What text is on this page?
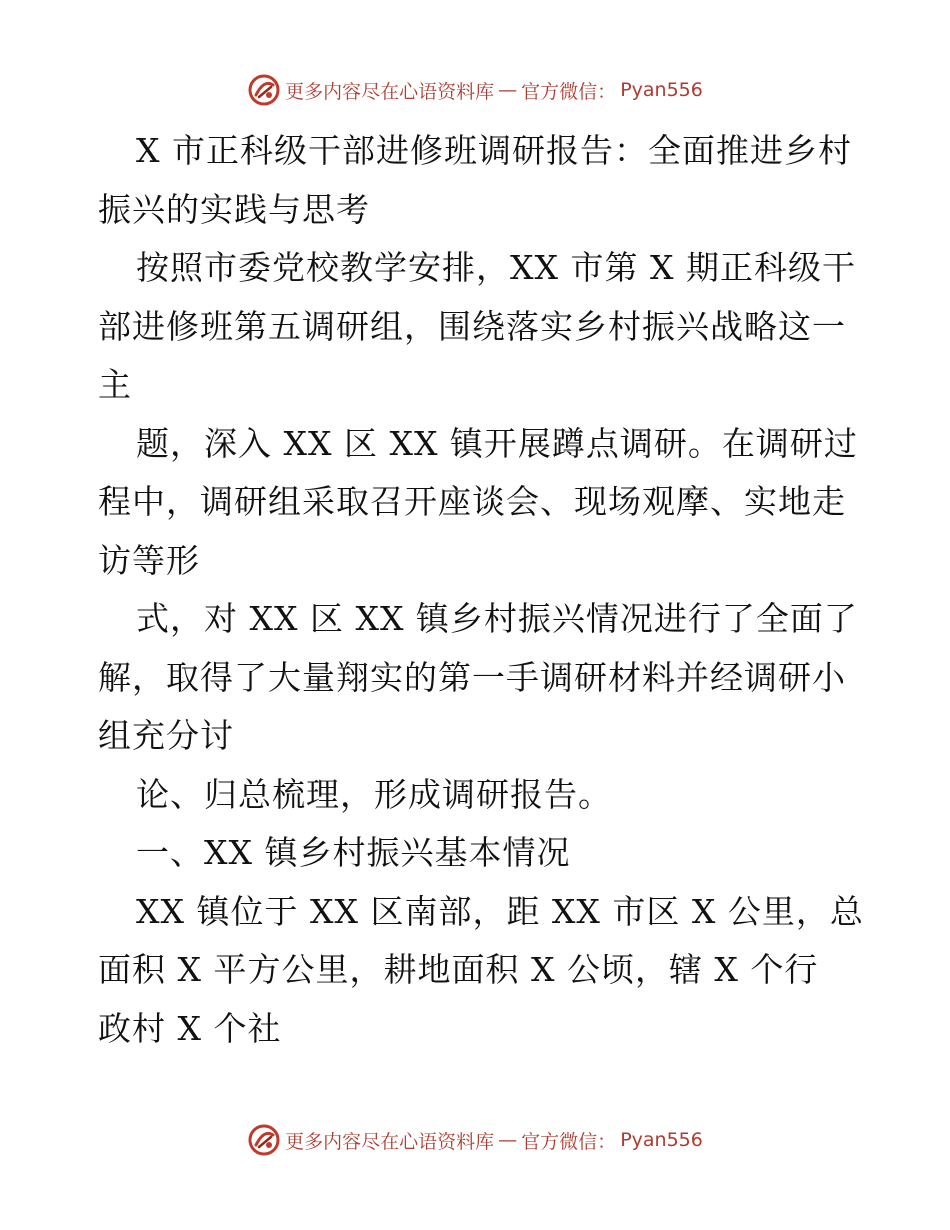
更多内容尽在心语资料库 — 官方微信： Pyan556
X 市正科级干部进修班调研报告：全面推进乡村
振兴的实践与思考
按照市委党校教学安排，XX 市第 X 期正科级干
部进修班第五调研组，围绕落实乡村振兴战略这一
主
题，深入 XX 区 XX 镇开展蹲点调研。在调研过
程中，调研组采取召开座谈会、现场观摩、实地走
访等形
式，对 XX 区 XX 镇乡村振兴情况进行了全面了
解，取得了大量翔实的第一手调研材料并经调研小
组充分讨
论、归总梳理，形成调研报告。
一、XX 镇乡村振兴基本情况
XX 镇位于 XX 区南部，距 XX 市区 X 公里，总
面积 X 平方公里，耕地面积 X 公顷，辖 X 个行
政村 X 个社
更多内容尽在心语资料库 — 官方微信： Pyan556
